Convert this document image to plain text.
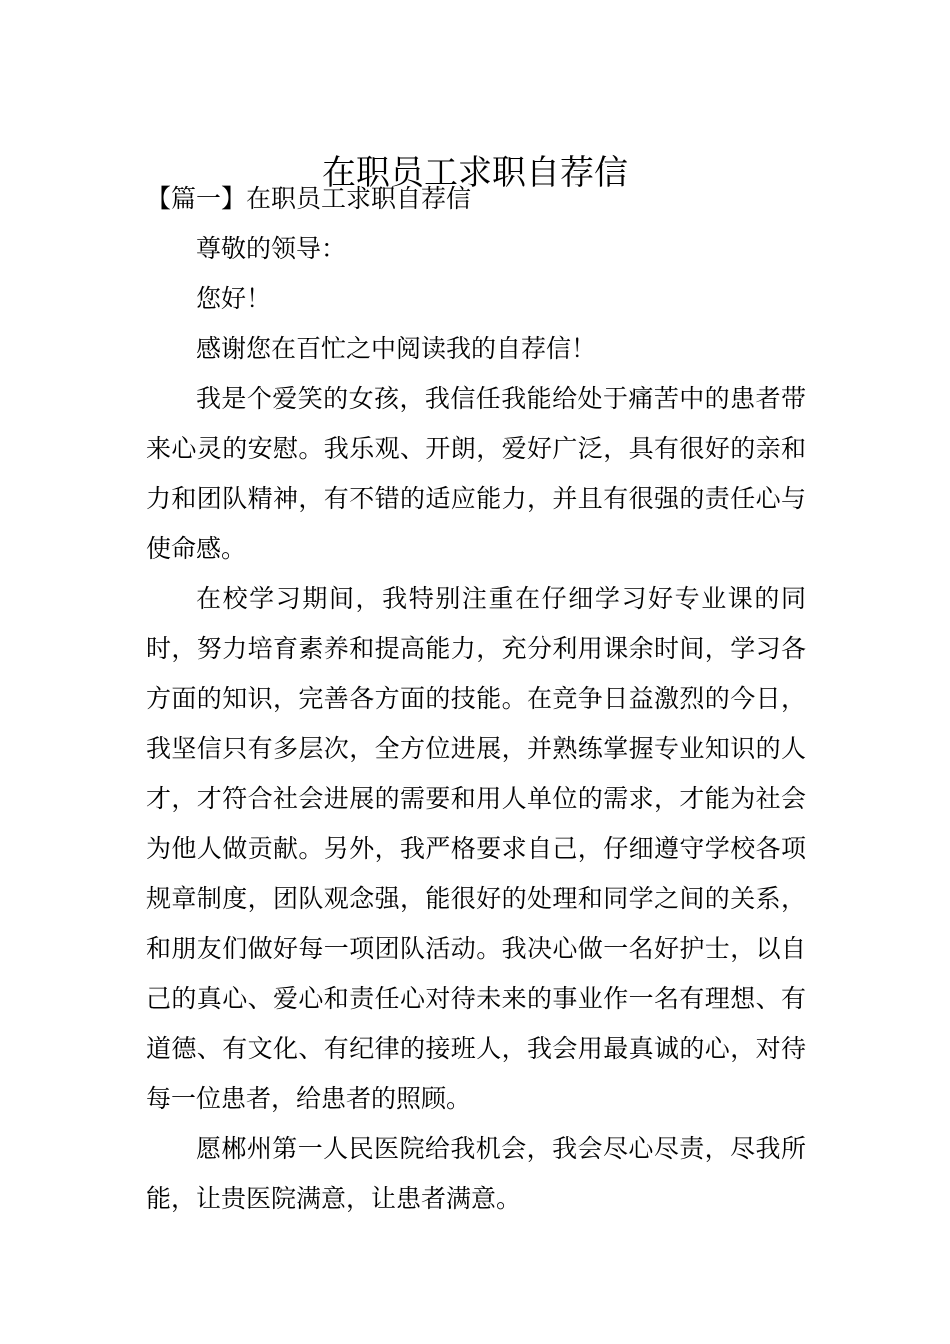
在职员工求职自荐信

【篇一】在职员工求职自荐信

尊敬的领导：

您好！

感谢您在百忙之中阅读我的自荐信！

我是个爱笑的女孩，我信任我能给处于痛苦中的患者带来心灵的安慰。我乐观、开朗，爱好广泛，具有很好的亲和力和团队精神，有不错的适应能力，并且有很强的责任心与使命感。

在校学习期间，我特别注重在仔细学习好专业课的同时，努力培育素养和提高能力，充分利用课余时间，学习各方面的知识，完善各方面的技能。在竞争日益激烈的今日，我坚信只有多层次，全方位进展，并熟练掌握专业知识的人才，才符合社会进展的需要和用人单位的需求，才能为社会为他人做贡献。另外，我严格要求自己，仔细遵守学校各项规章制度，团队观念强，能很好的处理和同学之间的关系，和朋友们做好每一项团队活动。我决心做一名好护士，以自己的真心、爱心和责任心对待未来的事业作一名有理想、有道德、有文化、有纪律的接班人，我会用最真诚的心，对待每一位患者，给患者的照顾。

愿郴州第一人民医院给我机会，我会尽心尽责，尽我所能，让贵医院满意，让患者满意。
